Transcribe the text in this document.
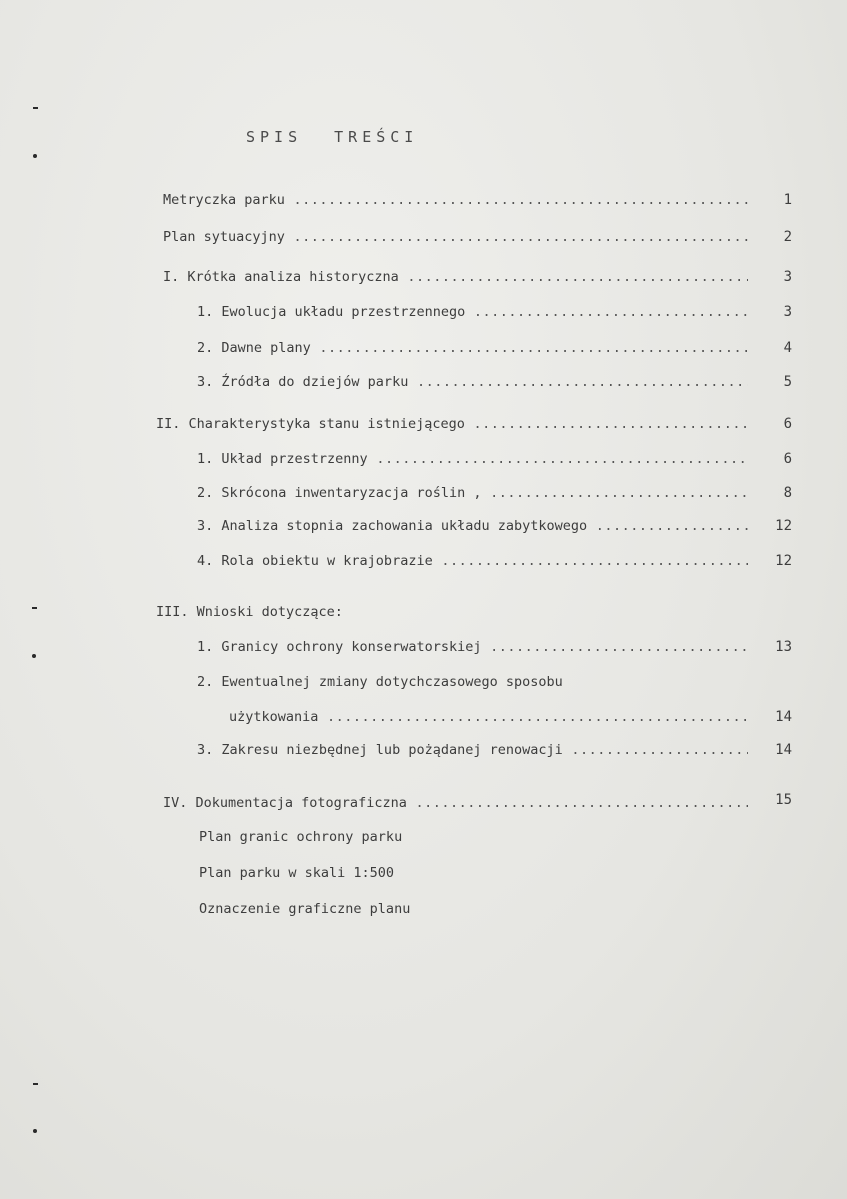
SPIS TREŚCI
Metryczka parku .....	1
Plan sytuacyjny .....	2
I. Krótka analiza historyczna .....	3
1. Ewolucja układu przestrzennego .....	3
2. Dawne plany .....	4
3. Źródła do dziejów parku .....	5
II. Charakterystyka stanu istniejącego .....	6
1. Układ przestrzenny .....	6
2. Skrócona inwentaryzacja roślin , .....	8
3. Analiza stopnia zachowania układu zabytkowego .....	12
4. Rola obiektu w krajobrazie .....	12
III. Wnioski dotyczące:
1. Granicy ochrony konserwatorskiej .....	13
2. Ewentualnej zmiany dotychczasowego sposobu
użytkowania .....	14
3. Zakresu niezbędnej lub pożądanej renowacji .....	14
IV. Dokumentacja fotograficzna .....	15
Plan granic ochrony parku
Plan parku w skali 1:500
Oznaczenie graficzne planu
